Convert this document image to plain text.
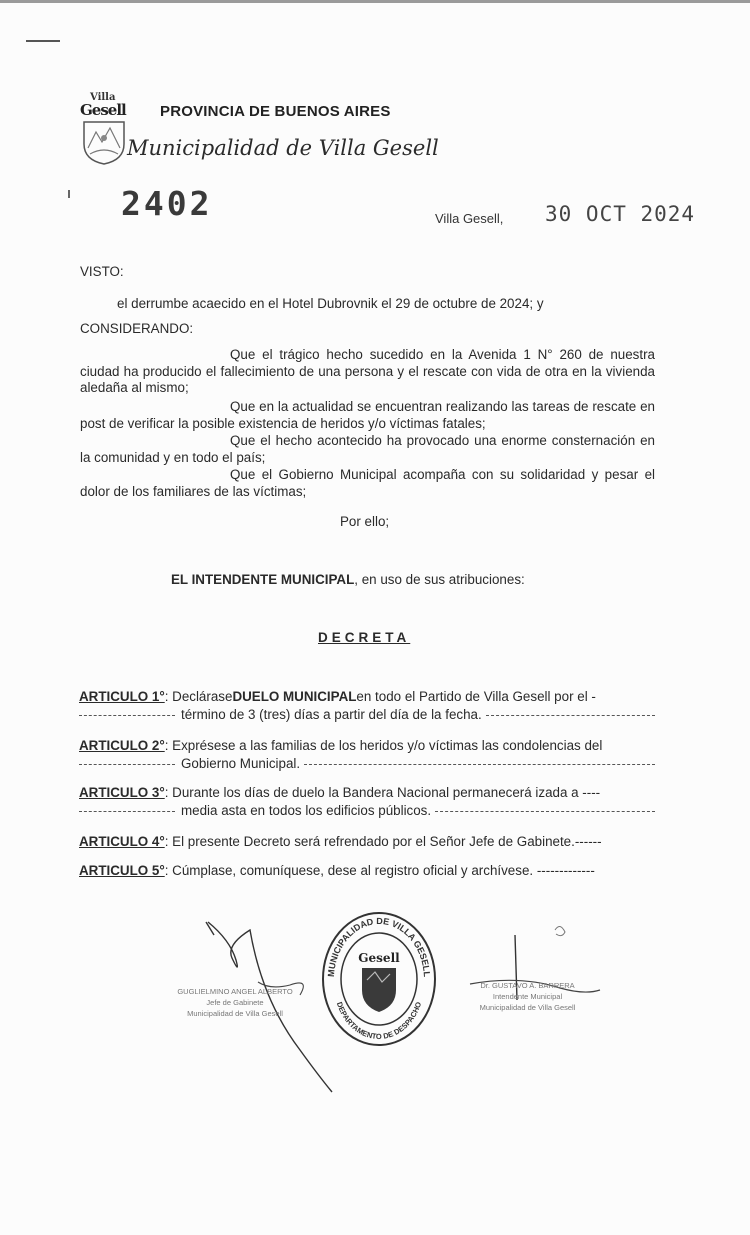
Villa
Gesell PROVINCIA DE BUENOS AIRES
Municipalidad de Villa Gesell
2402	Villa Gesell, 30 OCT 2024
VISTO:
el derrumbe acaecido en el Hotel Dubrovnik el 29 de octubre de 2024; y
CONSIDERANDO:
Que el trágico hecho sucedido en la Avenida 1 N° 260 de nuestra ciudad ha producido el fallecimiento de una persona y el rescate con vida de otra en la vivienda aledaña al mismo;
Que en la actualidad se encuentran realizando las tareas de rescate en post de verificar la posible existencia de heridos y/o víctimas fatales;
Que el hecho acontecido ha provocado una enorme consternación en la comunidad y en todo el país;
Que el Gobierno Municipal acompaña con su solidaridad y pesar el dolor de los familiares de las víctimas;
Por ello;
EL INTENDENTE MUNICIPAL, en uso de sus atribuciones:
DECRETA
ARTICULO 1° : Declárase DUELO MUNICIPAL en todo el Partido de Villa Gesell por el -
término de 3 (tres) días a partir del día de la fecha.
ARTICULO 2° : Exprésese a las familias de los heridos y/o víctimas las condolencias del
Gobierno Municipal.
ARTICULO 3° : Durante los días de duelo la Bandera Nacional permanecerá izada a ----
media asta en todos los edificios públicos.
ARTICULO 4° : El presente Decreto será refrendado por el Señor Jefe de Gabinete.------
ARTICULO 5° : Cúmplase, comuníquese, dese al registro oficial y archívese. -------------
GUGLIELMINO ANGEL ALBERTO
Jefe de Gabinete
Municipalidad de Villa Gesell
Dr. GUSTAVO A. BARRERA
Intendente Municipal
Municipalidad de Villa Gesell
MUNICIPALIDAD DE VILLA GESELL
DEPARTAMENTO DE DESPACHO
Gesell
